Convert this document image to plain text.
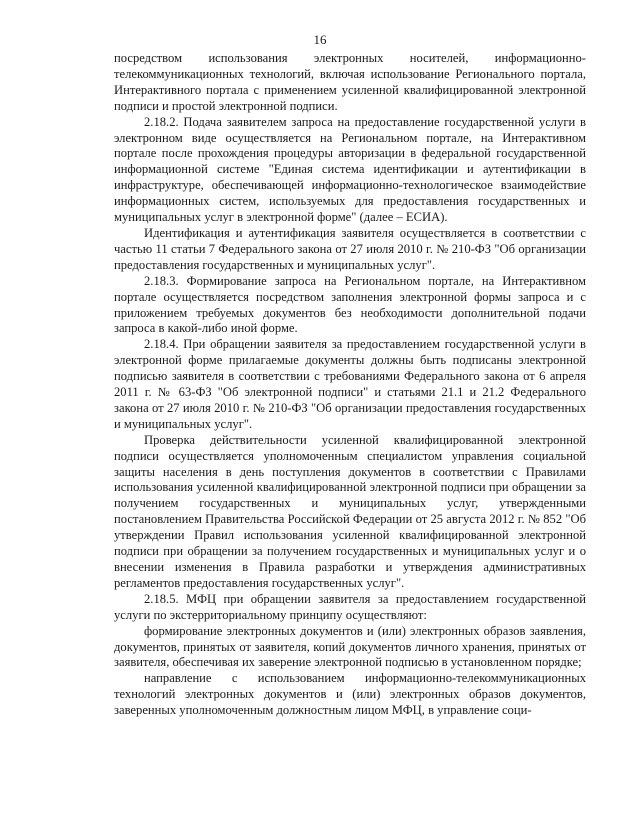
16

посредством использования электронных носителей, информационно-телекоммуникационных технологий, включая использование Регионального портала, Интерактивного портала с применением усиленной квалифицированной электронной подписи и простой электронной подписи.

2.18.2. Подача заявителем запроса на предоставление государственной услуги в электронном виде осуществляется на Региональном портале, на Интерактивном портале после прохождения процедуры авторизации в федеральной государственной информационной системе "Единая система идентификации и аутентификации в инфраструктуре, обеспечивающей информационно-технологическое взаимодействие информационных систем, используемых для предоставления государственных и муниципальных услуг в электронной форме" (далее – ЕСИА).

Идентификация и аутентификация заявителя осуществляется в соответствии с частью 11 статьи 7 Федерального закона от 27 июля 2010 г. № 210-ФЗ "Об организации предоставления государственных и муниципальных услуг".

2.18.3. Формирование запроса на Региональном портале, на Интерактивном портале осуществляется посредством заполнения электронной формы запроса и с приложением требуемых документов без необходимости дополнительной подачи запроса в какой-либо иной форме.

2.18.4. При обращении заявителя за предоставлением государственной услуги в электронной форме прилагаемые документы должны быть подписаны электронной подписью заявителя в соответствии с требованиями Федерального закона от 6 апреля 2011 г. № 63-ФЗ "Об электронной подписи" и статьями 21.1 и 21.2 Федерального закона от 27 июля 2010 г. № 210-ФЗ "Об организации предоставления государственных и муниципальных услуг".

Проверка действительности усиленной квалифицированной электронной подписи осуществляется уполномоченным специалистом управления социальной защиты населения в день поступления документов в соответствии с Правилами использования усиленной квалифицированной электронной подписи при обращении за получением государственных и муниципальных услуг, утвержденными постановлением Правительства Российской Федерации от 25 августа 2012 г. № 852 "Об утверждении Правил использования усиленной квалифицированной электронной подписи при обращении за получением государственных и муниципальных услуг и о внесении изменения в Правила разработки и утверждения административных регламентов предоставления государственных услуг".

2.18.5. МФЦ при обращении заявителя за предоставлением государственной услуги по экстерриториальному принципу осуществляют:

формирование электронных документов и (или) электронных образов заявления, документов, принятых от заявителя, копий документов личного хранения, принятых от заявителя, обеспечивая их заверение электронной подписью в установленном порядке;

направление с использованием информационно-телекоммуникационных технологий электронных документов и (или) электронных образов документов, заверенных уполномоченным должностным лицом МФЦ, в управление соци-
